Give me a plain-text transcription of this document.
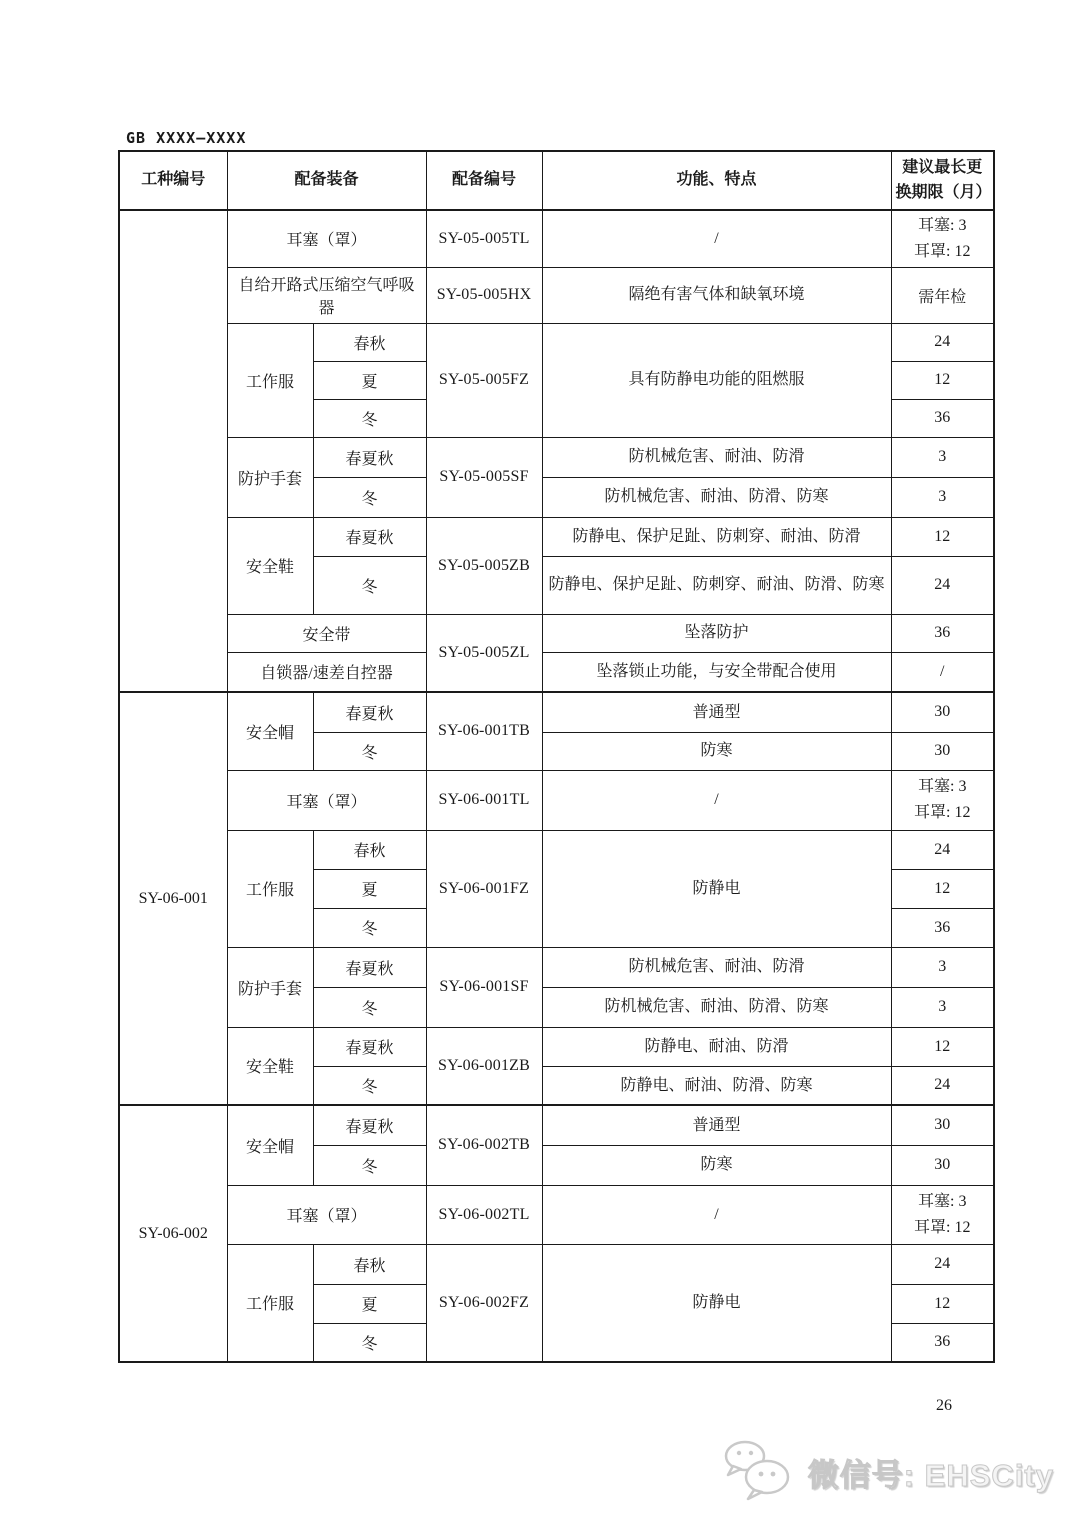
GB XXXX—XXXX
工种编号	配备装备		配备编号	功能、特点	建议最长更
换期限（月）

	耳塞（罩）		SY-05-005TL	/	耳塞: 3
耳罩: 12

	自给开路式压缩空气呼吸器		SY-05-005HX	隔绝有害气体和缺氧环境	需年检
	工作服	春秋	SY-05-005FZ	具有防静电功能的阻燃服	24
		夏			12
		冬			36
	防护手套	春夏秋	SY-05-005SF	防机械危害、耐油、防滑	3
		冬		防机械危害、耐油、防滑、防寒	3
	安全鞋	春夏秋	SY-05-005ZB	防静电、保护足趾、防刺穿、耐油、防滑	12
		冬		防静电、保护足趾、防刺穿、耐油、防滑、防寒	24
	安全带		SY-05-005ZL	坠落防护	36
	自锁器/速差自控器			坠落锁止功能，与安全带配合使用	/
SY-06-001	安全帽	春夏秋	SY-06-001TB	普通型	30
		冬		防寒	30
	耳塞（罩）		SY-06-001TL	/	耳塞: 3
耳罩: 12

	工作服	春秋	SY-06-001FZ	防静电	24
		夏			12
		冬			36
	防护手套	春夏秋	SY-06-001SF	防机械危害、耐油、防滑	3
		冬		防机械危害、耐油、防滑、防寒	3
	安全鞋	春夏秋	SY-06-001ZB	防静电、耐油、防滑	12
		冬		防静电、耐油、防滑、防寒	24
SY-06-002	安全帽	春夏秋	SY-06-002TB	普通型	30
		冬		防寒	30
	耳塞（罩）		SY-06-002TL	/	耳塞: 3
耳罩: 12

	工作服	春秋	SY-06-002FZ	防静电	24
		夏			12
		冬			36
26
微信号: EHSCity
